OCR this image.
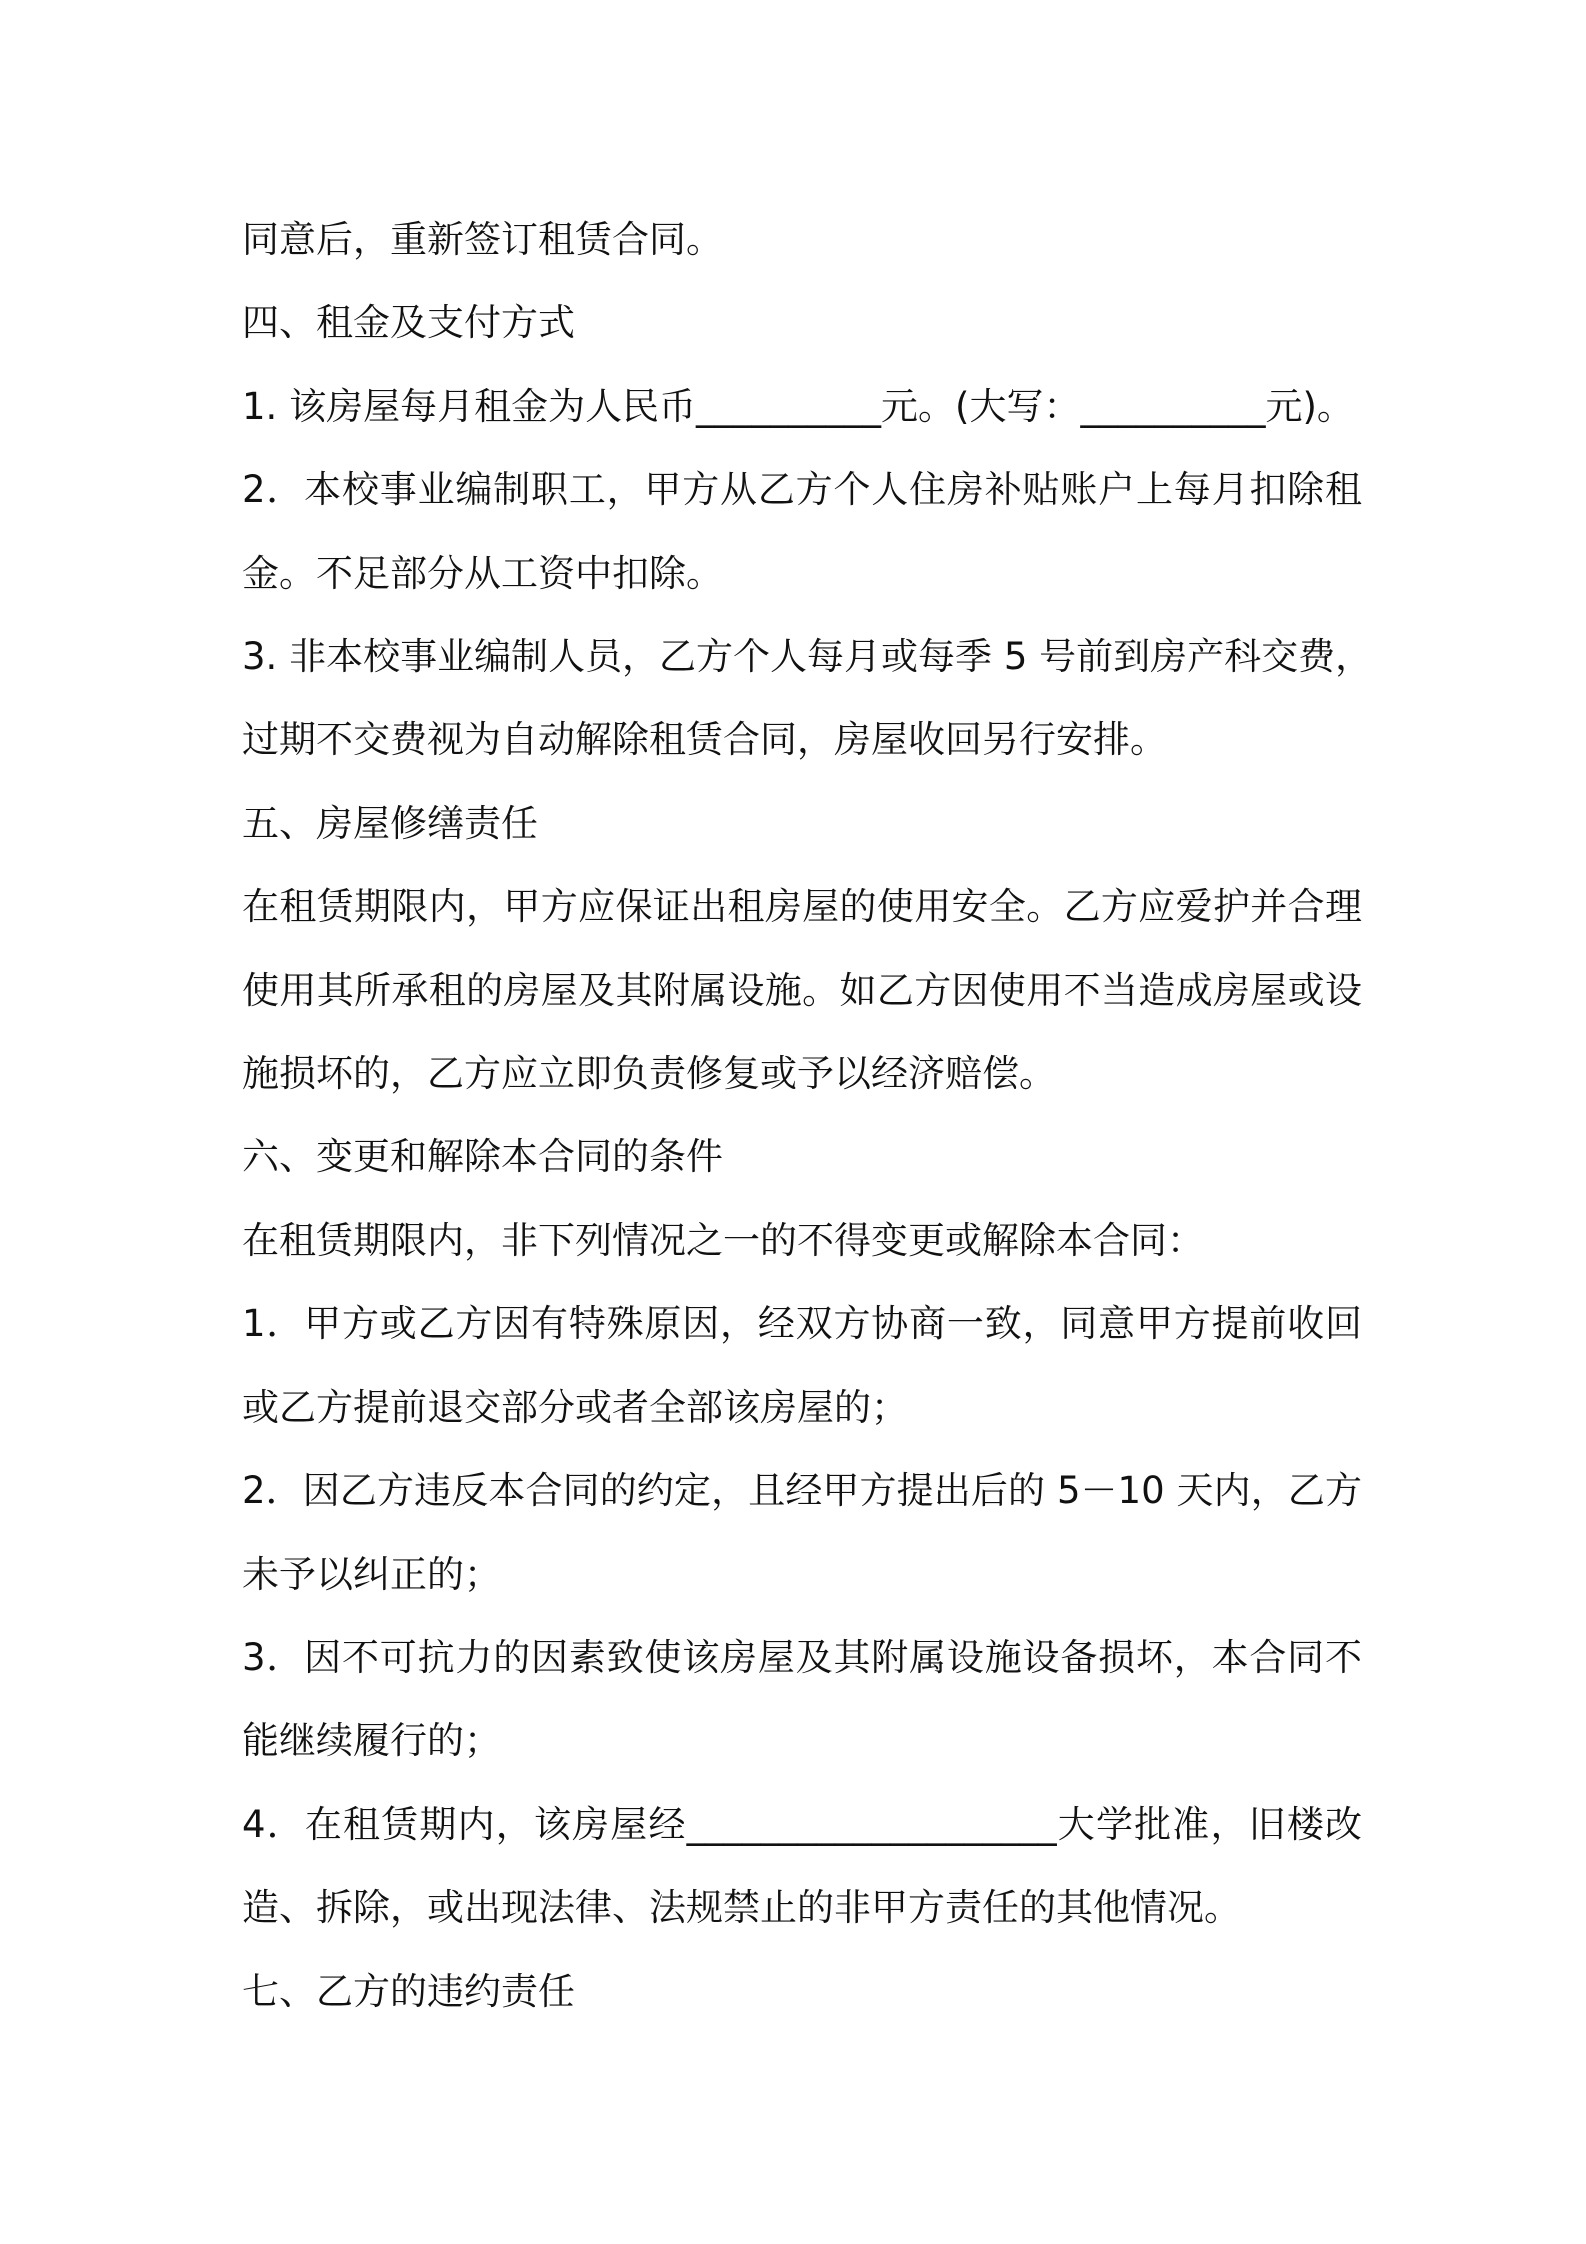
同意后，重新签订租赁合同。

四、租金及支付方式

1. 该房屋每月租金为人民币__________元。(大写：__________元)。

2．本校事业编制职工，甲方从乙方个人住房补贴账户上每月扣除租

金。不足部分从工资中扣除。

3. 非本校事业编制人员，乙方个人每月或每季 5 号前到房产科交费，

过期不交费视为自动解除租赁合同，房屋收回另行安排。

五、房屋修缮责任

在租赁期限内，甲方应保证出租房屋的使用安全。乙方应爱护并合理

使用其所承租的房屋及其附属设施。如乙方因使用不当造成房屋或设

施损坏的，乙方应立即负责修复或予以经济赔偿。

六、变更和解除本合同的条件

在租赁期限内，非下列情况之一的不得变更或解除本合同：

1．甲方或乙方因有特殊原因，经双方协商一致，同意甲方提前收回

或乙方提前退交部分或者全部该房屋的；

2．因乙方违反本合同的约定，且经甲方提出后的 5－10 天内，乙方

未予以纠正的；

3．因不可抗力的因素致使该房屋及其附属设施设备损坏，本合同不

能继续履行的；

4．在租赁期内，该房屋经____________________大学批准，旧楼改

造、拆除，或出现法律、法规禁止的非甲方责任的其他情况。

七、乙方的违约责任
